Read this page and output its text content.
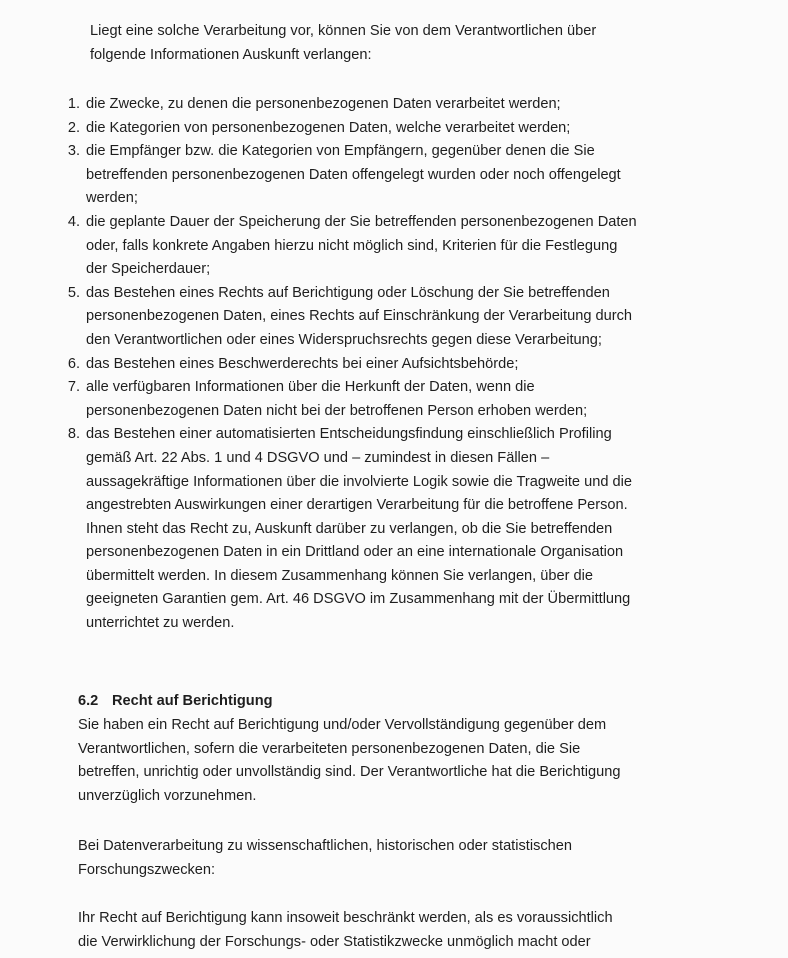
Liegt eine solche Verarbeitung vor, können Sie von dem Verantwortlichen über
folgende Informationen Auskunft verlangen:
1. die Zwecke, zu denen die personenbezogenen Daten verarbeitet werden;
2. die Kategorien von personenbezogenen Daten, welche verarbeitet werden;
3. die Empfänger bzw. die Kategorien von Empfängern, gegenüber denen die Sie
betreffenden personenbezogenen Daten offengelegt wurden oder noch offengelegt
werden;
4. die geplante Dauer der Speicherung der Sie betreffenden personenbezogenen Daten
oder, falls konkrete Angaben hierzu nicht möglich sind, Kriterien für die Festlegung
der Speicherdauer;
5. das Bestehen eines Rechts auf Berichtigung oder Löschung der Sie betreffenden
personenbezogenen Daten, eines Rechts auf Einschränkung der Verarbeitung durch
den Verantwortlichen oder eines Widerspruchsrechts gegen diese Verarbeitung;
6. das Bestehen eines Beschwerderechts bei einer Aufsichtsbehörde;
7. alle verfügbaren Informationen über die Herkunft der Daten, wenn die
personenbezogenen Daten nicht bei der betroffenen Person erhoben werden;
8. das Bestehen einer automatisierten Entscheidungsfindung einschließlich Profiling
gemäß Art. 22 Abs. 1 und 4 DSGVO und – zumindest in diesen Fällen –
aussagekräftige Informationen über die involvierte Logik sowie die Tragweite und die
angestrebten Auswirkungen einer derartigen Verarbeitung für die betroffene Person.
Ihnen steht das Recht zu, Auskunft darüber zu verlangen, ob die Sie betreffenden
personenbezogenen Daten in ein Drittland oder an eine internationale Organisation
übermittelt werden. In diesem Zusammenhang können Sie verlangen, über die
geeigneten Garantien gem. Art. 46 DSGVO im Zusammenhang mit der Übermittlung
unterrichtet zu werden.
6.2 Recht auf Berichtigung
Sie haben ein Recht auf Berichtigung und/oder Vervollständigung gegenüber dem
Verantwortlichen, sofern die verarbeiteten personenbezogenen Daten, die Sie
betreffen, unrichtig oder unvollständig sind. Der Verantwortliche hat die Berichtigung
unverzüglich vorzunehmen.
Bei Datenverarbeitung zu wissenschaftlichen, historischen oder statistischen
Forschungszwecken:
Ihr Recht auf Berichtigung kann insoweit beschränkt werden, als es voraussichtlich
die Verwirklichung der Forschungs- oder Statistikzwecke unmöglich macht oder
